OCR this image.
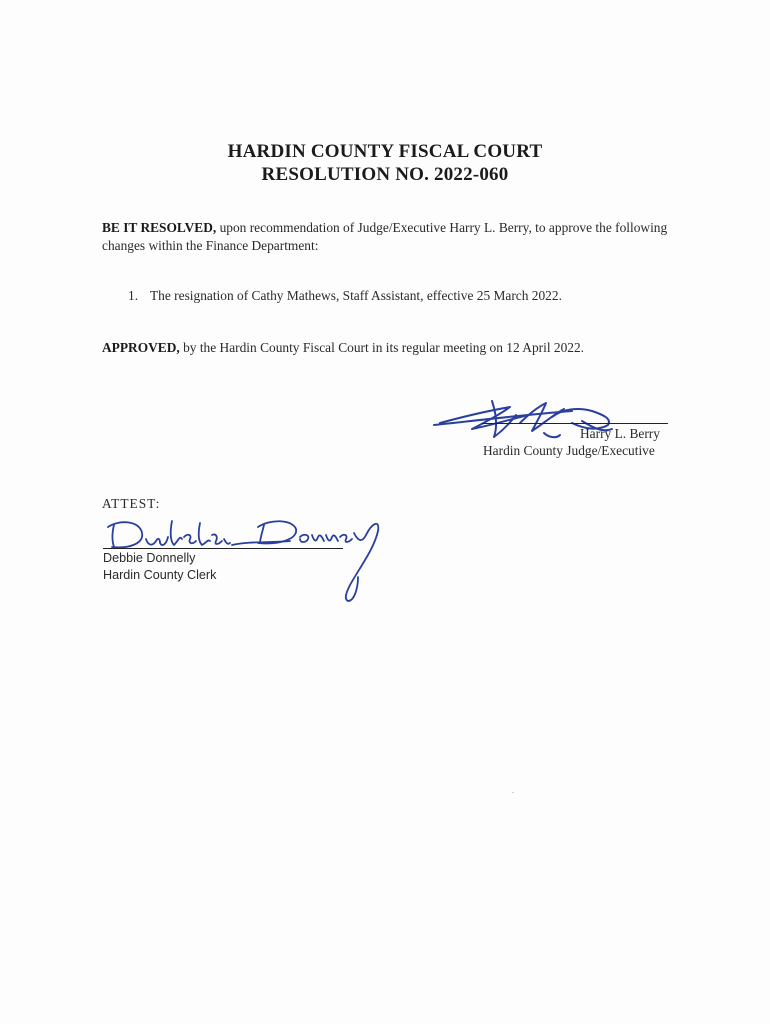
HARDIN COUNTY FISCAL COURT
RESOLUTION NO. 2022-060
BE IT RESOLVED, upon recommendation of Judge/Executive Harry L. Berry, to approve the following changes within the Finance Department:
1. The resignation of Cathy Mathews, Staff Assistant, effective 25 March 2022.
APPROVED, by the Hardin County Fiscal Court in its regular meeting on 12 April 2022.
Harry L. Berry
Hardin County Judge/Executive
ATTEST:
Debbie Donnelly
Hardin County Clerk
